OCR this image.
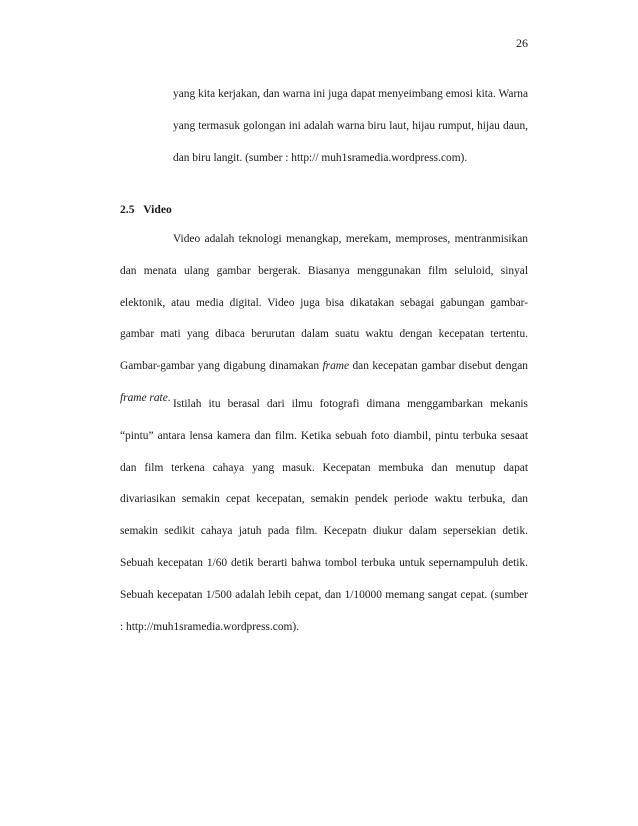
26

yang kita kerjakan, dan warna ini juga dapat menyeimbang emosi kita. Warna yang termasuk golongan ini adalah warna biru laut, hijau rumput, hijau daun, dan biru langit. (sumber : http:// muh1sramedia.wordpress.com).

2.5 Video

Video adalah teknologi menangkap, merekam, memproses, mentranmisikan dan menata ulang gambar bergerak. Biasanya menggunakan film seluloid, sinyal elektonik, atau media digital. Video juga bisa dikatakan sebagai gabungan gambar-gambar mati yang dibaca berurutan dalam suatu waktu dengan kecepatan tertentu. Gambar-gambar yang digabung dinamakan frame dan kecepatan gambar disebut dengan frame rate.

Istilah itu berasal dari ilmu fotografi dimana menggambarkan mekanis “pintu” antara lensa kamera dan film. Ketika sebuah foto diambil, pintu terbuka sesaat dan film terkena cahaya yang masuk. Kecepatan membuka dan menutup dapat divariasikan semakin cepat kecepatan, semakin pendek periode waktu terbuka, dan semakin sedikit cahaya jatuh pada film. Kecepatn diukur dalam sepersekian detik. Sebuah kecepatan 1/60 detik berarti bahwa tombol terbuka untuk sepernampuluh detik. Sebuah kecepatan 1/500 adalah lebih cepat, dan 1/10000 memang sangat cepat. (sumber : http://muh1sramedia.wordpress.com).
